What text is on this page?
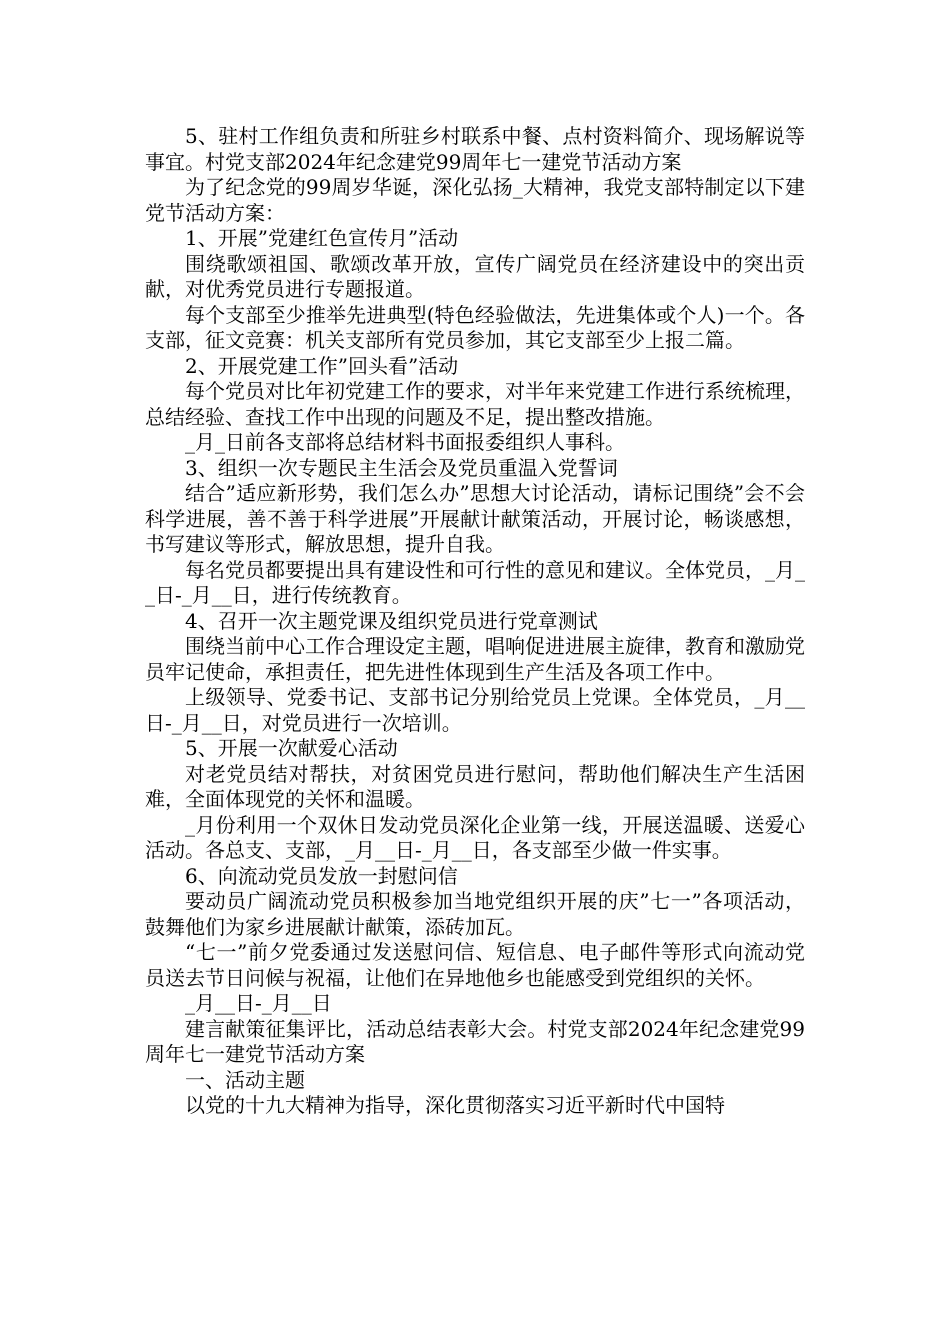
5、驻村工作组负责和所驻乡村联系中餐、点村资料简介、现场解说等事宜。村党支部2024年纪念建党99周年七一建党节活动方案

为了纪念党的99周岁华诞，深化弘扬_大精神，我党支部特制定以下建党节活动方案：

1、开展”党建红色宣传月”活动

围绕歌颂祖国、歌颂改革开放，宣传广阔党员在经济建设中的突出贡献，对优秀党员进行专题报道。

每个支部至少推举先进典型(特色经验做法，先进集体或个人)一个。各支部，征文竞赛：机关支部所有党员参加，其它支部至少上报二篇。

2、开展党建工作”回头看”活动

每个党员对比年初党建工作的要求，对半年来党建工作进行系统梳理，总结经验、查找工作中出现的问题及不足，提出整改措施。

_月_日前各支部将总结材料书面报委组织人事科。

3、组织一次专题民主生活会及党员重温入党誓词

结合”适应新形势，我们怎么办”思想大讨论活动，请标记围绕”会不会科学进展，善不善于科学进展”开展献计献策活动，开展讨论，畅谈感想，书写建议等形式，解放思想，提升自我。

每名党员都要提出具有建设性和可行性的意见和建议。全体党员，_月__日-_月__日，进行传统教育。

4、召开一次主题党课及组织党员进行党章测试

围绕当前中心工作合理设定主题，唱响促进进展主旋律，教育和激励党员牢记使命，承担责任，把先进性体现到生产生活及各项工作中。

上级领导、党委书记、支部书记分别给党员上党课。全体党员，_月__日-_月__日，对党员进行一次培训。

5、开展一次献爱心活动

对老党员结对帮扶，对贫困党员进行慰问，帮助他们解决生产生活困难，全面体现党的关怀和温暖。

_月份利用一个双休日发动党员深化企业第一线，开展送温暖、送爱心活动。各总支、支部，_月__日-_月__日，各支部至少做一件实事。

6、向流动党员发放一封慰问信

要动员广阔流动党员积极参加当地党组织开展的庆”七一”各项活动，鼓舞他们为家乡进展献计献策，添砖加瓦。

“七一”前夕党委通过发送慰问信、短信息、电子邮件等形式向流动党员送去节日问候与祝福，让他们在异地他乡也能感受到党组织的关怀。

_月__日-_月__日

建言献策征集评比，活动总结表彰大会。村党支部2024年纪念建党99周年七一建党节活动方案

一、活动主题

以党的十九大精神为指导，深化贯彻落实习近平新时代中国特
